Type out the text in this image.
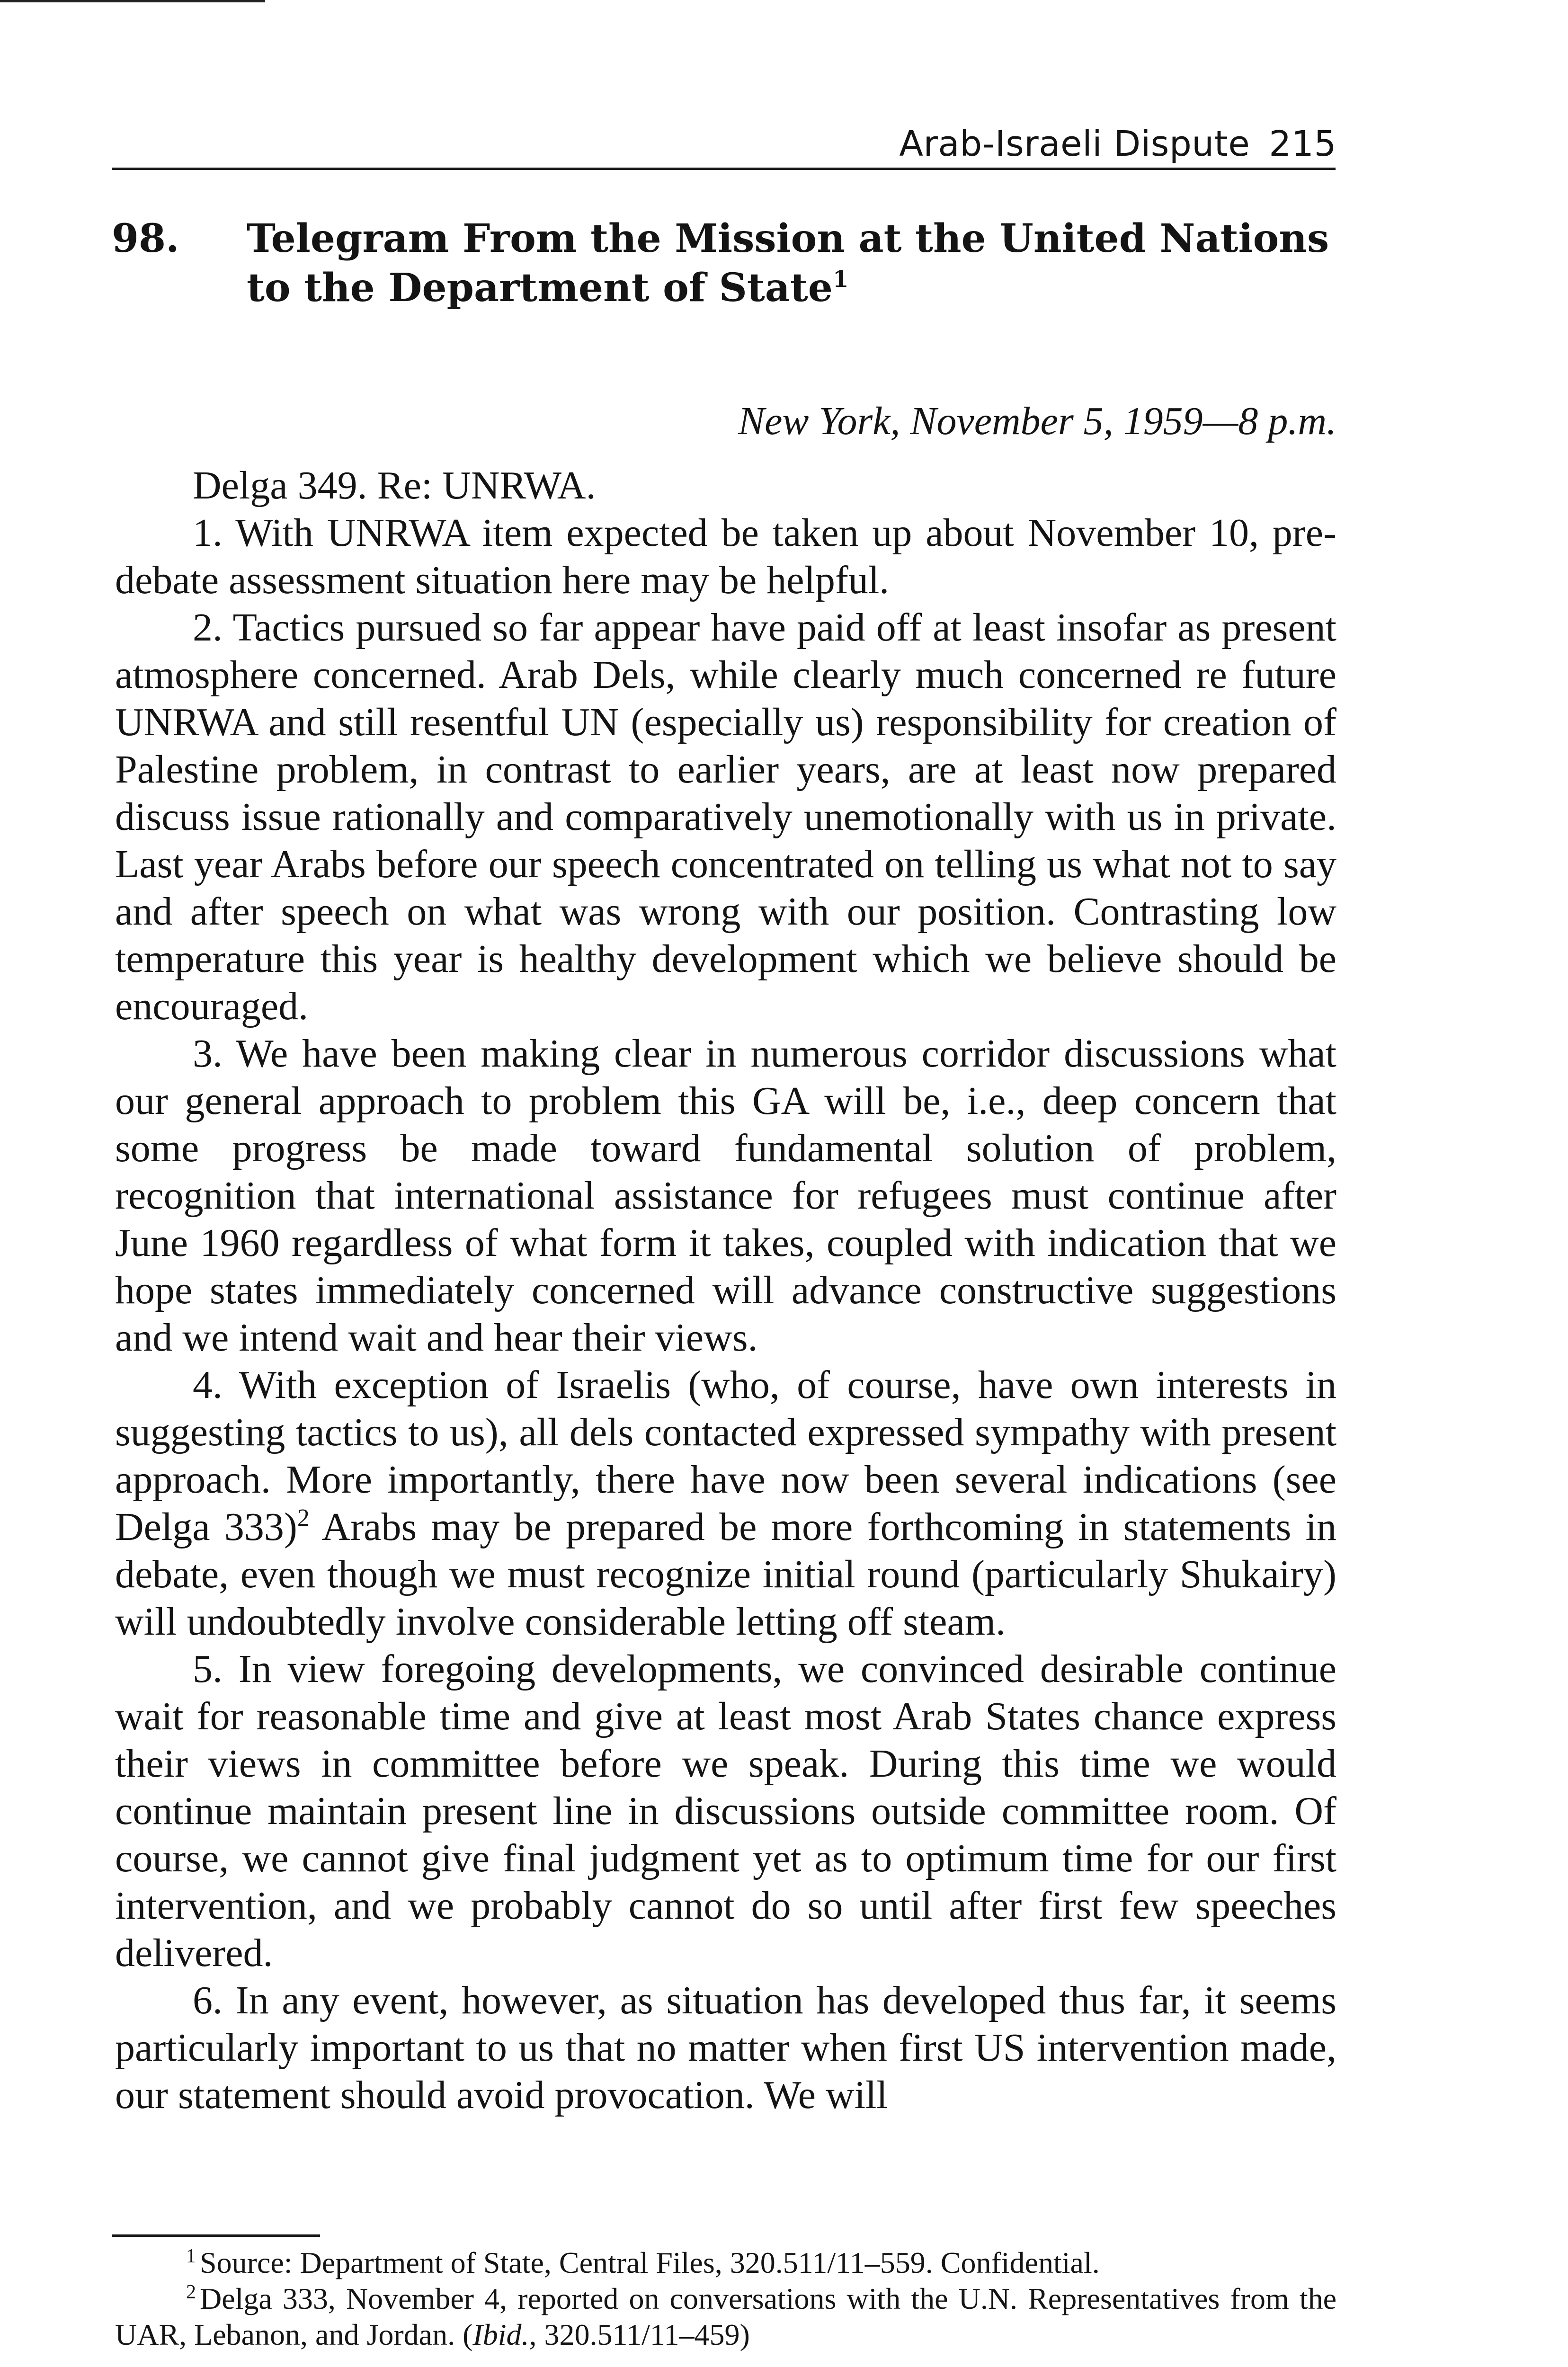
Arab-Israeli Dispute 215
98. Telegram From the Mission at the United Nations to the Department of State$^1$
New York, November 5, 1959—8 p.m.

Delga 349. Re: UNRWA.

1. With UNRWA item expected be taken up about November 10, pre-debate assessment situation here may be helpful.

2. Tactics pursued so far appear have paid off at least insofar as present atmosphere concerned. Arab Dels, while clearly much concerned re future UNRWA and still resentful UN (especially us) responsibility for creation of Palestine problem, in contrast to earlier years, are at least now prepared discuss issue rationally and comparatively unemotionally with us in private. Last year Arabs before our speech concentrated on telling us what not to say and after speech on what was wrong with our position. Contrasting low temperature this year is healthy development which we believe should be encouraged.

3. We have been making clear in numerous corridor discussions what our general approach to problem this GA will be, i.e., deep concern that some progress be made toward fundamental solution of problem, recognition that international assistance for refugees must continue after June 1960 regardless of what form it takes, coupled with indication that we hope states immediately concerned will advance constructive suggestions and we intend wait and hear their views.

4. With exception of Israelis (who, of course, have own interests in suggesting tactics to us), all dels contacted expressed sympathy with present approach. More importantly, there have now been several indications (see Delga 333)$^2$ Arabs may be prepared be more forthcoming in statements in debate, even though we must recognize initial round (particularly Shukairy) will undoubtedly involve considerable letting off steam.

5. In view foregoing developments, we convinced desirable continue wait for reasonable time and give at least most Arab States chance express their views in committee before we speak. During this time we would continue maintain present line in discussions outside committee room. Of course, we cannot give final judgment yet as to optimum time for our first intervention, and we probably cannot do so until after first few speeches delivered.

6. In any event, however, as situation has developed thus far, it seems particularly important to us that no matter when first US intervention made, our statement should avoid provocation. We will

$^1$ Source: Department of State, Central Files, 320.511/11–559. Confidential.

$^2$ Delga 333, November 4, reported on conversations with the U.N. Representatives from the UAR, Lebanon, and Jordan. (Ibid., 320.511/11–459)
